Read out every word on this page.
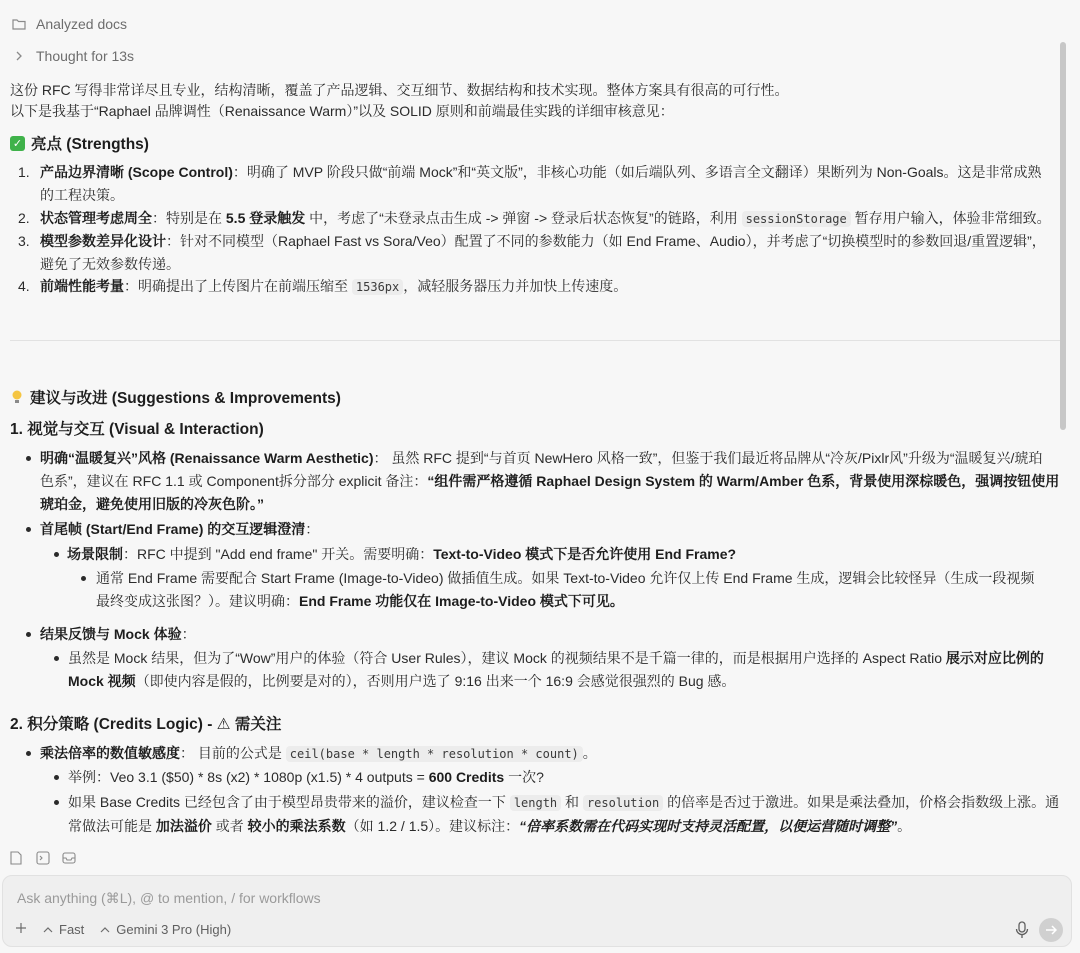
Analyzed docs
Thought for 13s
这份 RFC 写得非常详尽且专业，结构清晰，覆盖了产品逻辑、交互细节、数据结构和技术实现。整体方案具有很高的可行性。
以下是我基于“Raphael 品牌调性（Renaissance Warm）”以及 SOLID 原则和前端最佳实践的详细审核意见：
✓ 亮点 (Strengths)
1. 产品边界清晰 (Scope Control)：明确了 MVP 阶段只做“前端 Mock”和“英文版”，非核心功能（如后端队列、多语言全文翻译）果断列为 Non-Goals。这是非常成熟
的工程决策。
2. 状态管理考虑周全：特别是在 5.5 登录触发 中，考虑了“未登录点击生成 -> 弹窗 -> 登录后状态恢复”的链路，利用 sessionStorage 暂存用户输入，体验非常细致。
3. 模型参数差异化设计：针对不同模型（Raphael Fast vs Sora/Veo）配置了不同的参数能力（如 End Frame、Audio），并考虑了“切换模型时的参数回退/重置逻辑”，
避免了无效参数传递。
4. 前端性能考量：明确提出了上传图片在前端压缩至 1536px ，减轻服务器压力并加快上传速度。
建议与改进 (Suggestions & Improvements)
1. 视觉与交互 (Visual & Interaction)
明确“温暖复兴”风格 (Renaissance Warm Aesthetic)： 虽然 RFC 提到“与首页 NewHero 风格一致”，但鉴于我们最近将品牌从“冷灰/Pixlr风”升级为“温暖复兴/琥珀
色系”，建议在 RFC 1.1 或 Component拆分部分 explicit 备注：“组件需严格遵循 Raphael Design System 的 Warm/Amber 色系，背景使用深棕暖色，强调按钮使用
琥珀金，避免使用旧版的冷灰色阶。”
首尾帧 (Start/End Frame) 的交互逻辑澄清：
场景限制：RFC 中提到 "Add end frame" 开关。需要明确：Text-to-Video 模式下是否允许使用 End Frame?
通常 End Frame 需要配合 Start Frame (Image-to-Video) 做插值生成。如果 Text-to-Video 允许仅上传 End Frame 生成，逻辑会比较怪异（生成一段视频
最终变成这张图？）。建议明确：End Frame 功能仅在 Image-to-Video 模式下可见。
结果反馈与 Mock 体验：
虽然是 Mock 结果，但为了“Wow”用户的体验（符合 User Rules），建议 Mock 的视频结果不是千篇一律的，而是根据用户选择的 Aspect Ratio 展示对应比例的
Mock 视频（即使内容是假的，比例要是对的），否则用户选了 9:16 出来一个 16:9 会感觉很强烈的 Bug 感。
2. 积分策略 (Credits Logic) - ⚠ 需关注
乘法倍率的数值敏感度： 目前的公式是 ceil(base * length * resolution * count) 。
举例：Veo 3.1 ($50) * 8s (x2) * 1080p (x1.5) * 4 outputs = 600 Credits 一次?
如果 Base Credits 已经包含了由于模型昂贵带来的溢价，建议检查一下 length 和 resolution 的倍率是否过于激进。如果是乘法叠加，价格会指数级上涨。通
常做法可能是 加法溢价 或者 较小的乘法系数（如 1.2 / 1.5）。建议标注：“倍率系数需在代码实现时支持灵活配置，以便运营随时调整”。
Ask anything (⌘L), @ to mention, / for workflows
Fast Gemini 3 Pro (High)
